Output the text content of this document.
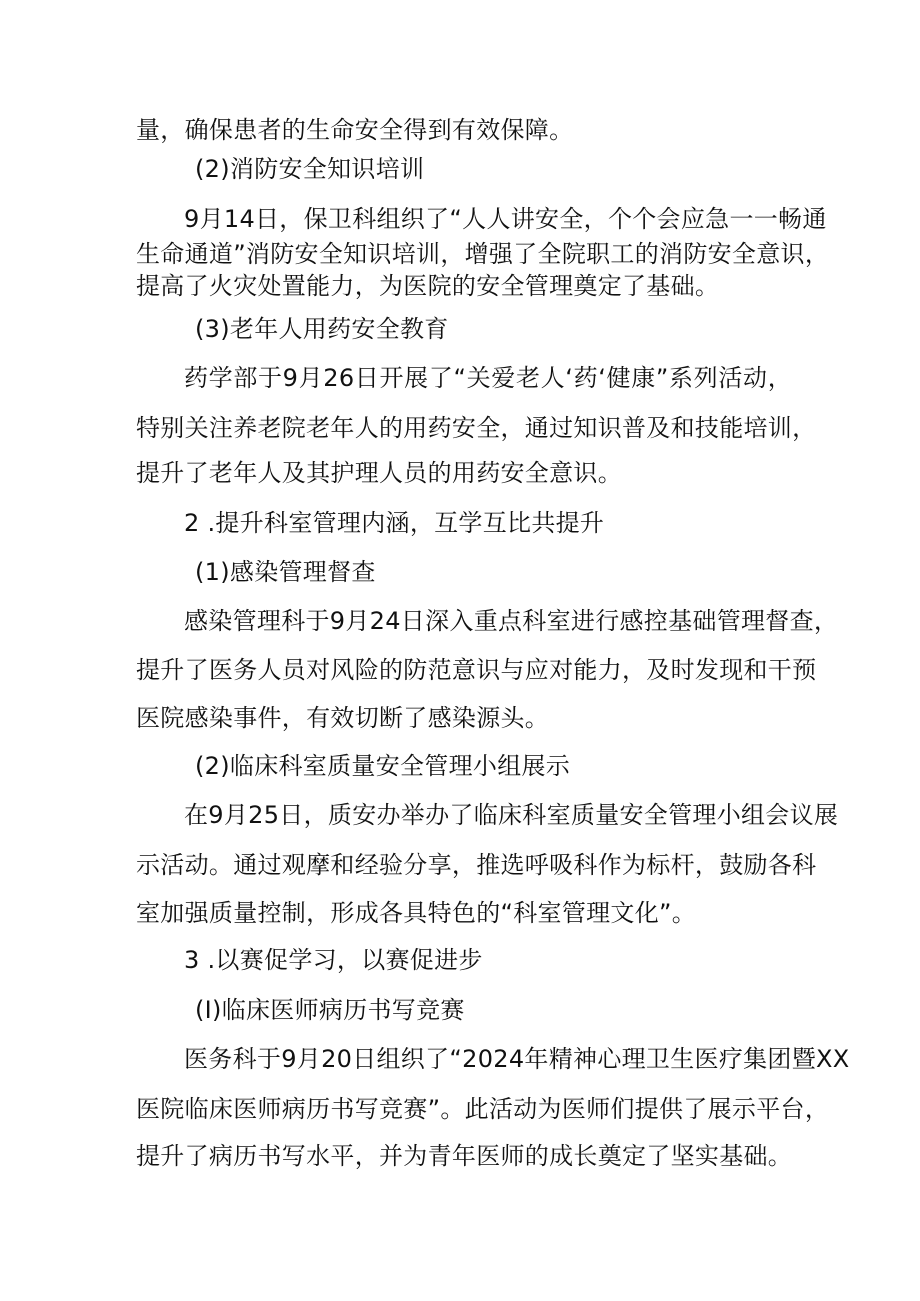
量，确保患者的生命安全得到有效保障。
(2)消防安全知识培训
9月14日，保卫科组织了“人人讲安全，个个会应急一一畅通
生命通道”消防安全知识培训，增强了全院职工的消防安全意识，
提高了火灾处置能力，为医院的安全管理奠定了基础。
(3)老年人用药安全教育
药学部于9月26日开展了“关爱老人‘药‘健康”系列活动，
特别关注养老院老年人的用药安全，通过知识普及和技能培训，
提升了老年人及其护理人员的用药安全意识。
2 .提升科室管理内涵，互学互比共提升
(1)感染管理督查
感染管理科于9月24日深入重点科室进行感控基础管理督查，
提升了医务人员对风险的防范意识与应对能力，及时发现和干预
医院感染事件，有效切断了感染源头。
(2)临床科室质量安全管理小组展示
在9月25日，质安办举办了临床科室质量安全管理小组会议展
示活动。通过观摩和经验分享，推选呼吸科作为标杆，鼓励各科
室加强质量控制，形成各具特色的“科室管理文化”。
3 .以赛促学习，以赛促进步
(I)临床医师病历书写竞赛
医务科于9月20日组织了“2024年精神心理卫生医疗集团暨XX
医院临床医师病历书写竞赛”。此活动为医师们提供了展示平台，
提升了病历书写水平，并为青年医师的成长奠定了坚实基础。
